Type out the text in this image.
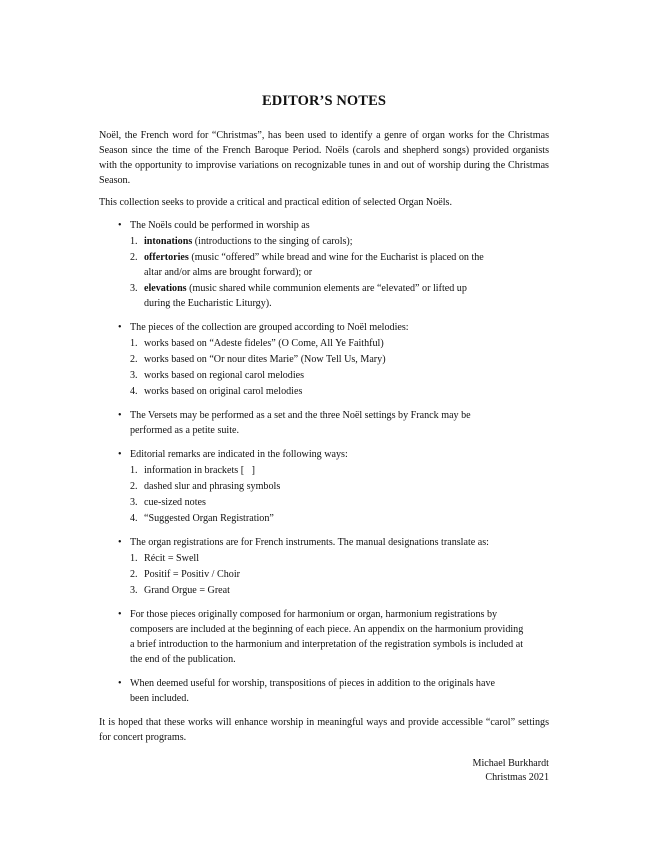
EDITOR’S NOTES

Noël, the French word for “Christmas”, has been used to identify a genre of organ works for the Christmas Season since the time of the French Baroque Period. Noëls (carols and shepherd songs) provided organists with the opportunity to improvise variations on recognizable tunes in and out of worship during the Christmas Season.

This collection seeks to provide a critical and practical edition of selected Organ Noëls.

• The Noëls could be performed in worship as
1. intonations (introductions to the singing of carols);
2. offertories (music “offered” while bread and wine for the Eucharist is placed on the altar and/or alms are brought forward); or
3. elevations (music shared while communion elements are “elevated” or lifted up during the Eucharistic Liturgy).
• The pieces of the collection are grouped according to Noël melodies:
1. works based on “Adeste fideles” (O Come, All Ye Faithful)
2. works based on “Or nour dites Marie” (Now Tell Us, Mary)
3. works based on regional carol melodies
4. works based on original carol melodies
• The Versets may be performed as a set and the three Noël settings by Franck may be performed as a petite suite.
• Editorial remarks are indicated in the following ways:
1. information in brackets [   ]
2. dashed slur and phrasing symbols
3. cue-sized notes
4. “Suggested Organ Registration”
• The organ registrations are for French instruments. The manual designations translate as:
1. Récit = Swell
2. Positif = Positiv / Choir
3. Grand Orgue = Great
• For those pieces originally composed for harmonium or organ, harmonium registrations by composers are included at the beginning of each piece. An appendix on the harmonium providing a brief introduction to the harmonium and interpretation of the registration symbols is included at the end of the publication.
• When deemed useful for worship, transpositions of pieces in addition to the originals have been included.

It is hoped that these works will enhance worship in meaningful ways and provide accessible “carol” settings for concert programs.

Michael Burkhardt
Christmas 2021
